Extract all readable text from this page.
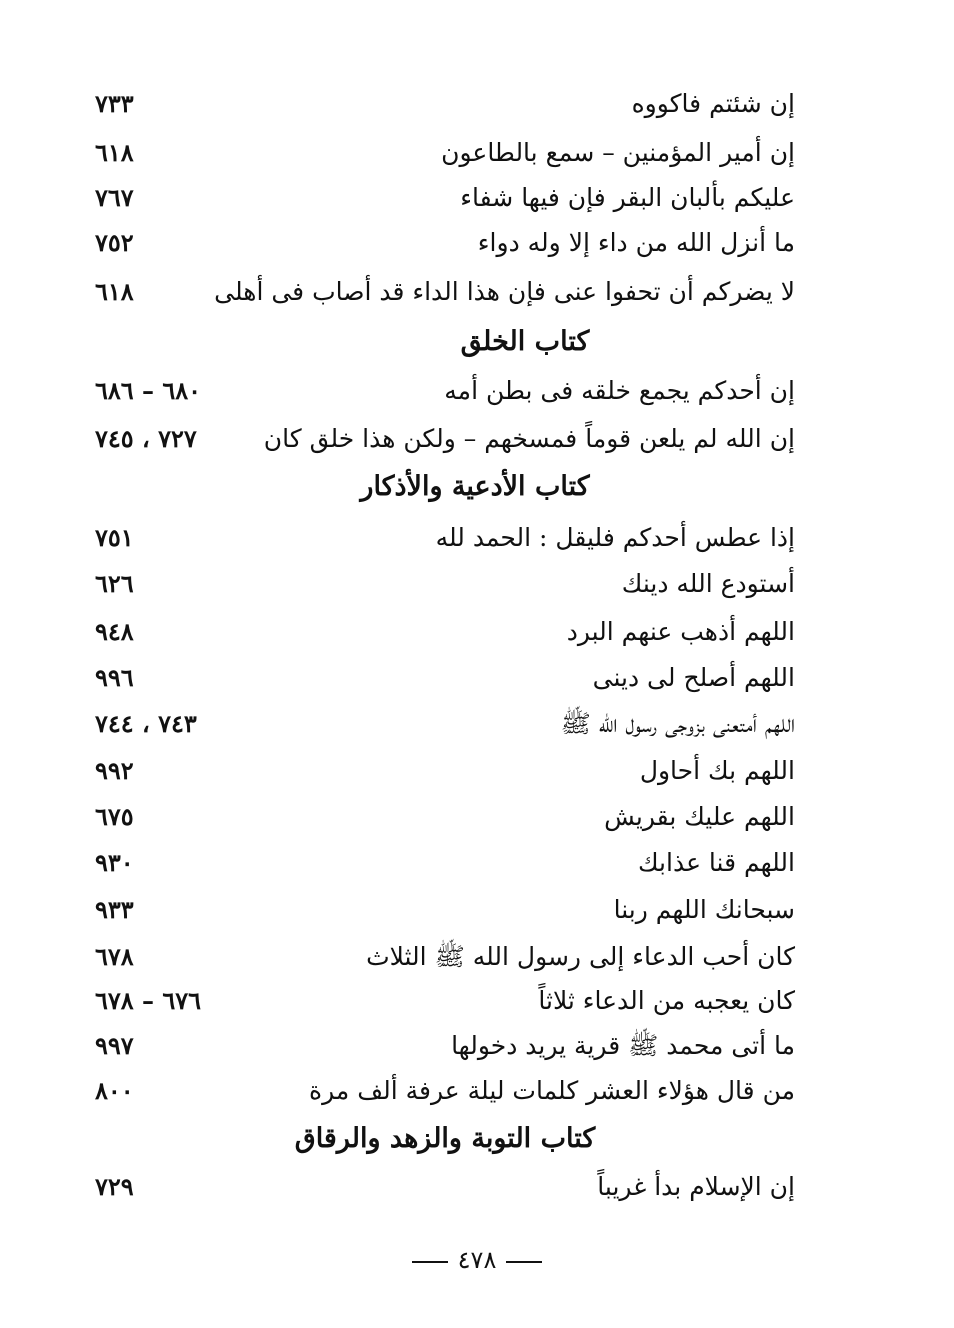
إن شئتم فاكووه
٧٣٣
إن أمير المؤمنين – سمع بالطاعون
٦١٨
عليكم بألبان البقر فإن فيها شفاء
٧٦٧
ما أنزل الله من داء إلا وله دواء
٧٥٢
لا يضركم أن تحفوا عنى فإن هذا الداء قد أصاب فى أهلى
٦١٨
كتاب الخلق
إن أحدكم يجمع خلقه فى بطن أمه
٦٨٠ – ٦٨٦
إن الله لم يلعن قوماً فمسخهم – ولكن هذا خلق كان
٧٢٧ ، ٧٤٥
كتاب الأدعية والأذكار
إذا عطس أحدكم فليقل : الحمد لله
٧٥١
أستودع الله دينك
٦٢٦
اللهم أذهب عنهم البرد
٩٤٨
اللهم أصلح لى دينى
٩٩٦
اللهم أمتعنى بزوجى رسول الله ﷺ
٧٤٣ ، ٧٤٤
اللهم بك أحاول
٩٩٢
اللهم عليك بقريش
٦٧٥
اللهم قنا عذابك
٩٣٠
سبحانك اللهم ربنا
٩٣٣
كان أحب الدعاء إلى رسول الله ﷺ الثلاث
٦٧٨
كان يعجبه من الدعاء ثلاثاً
٦٧٦ – ٦٧٨
ما أتى محمد ﷺ قرية يريد دخولها
٩٩٧
من قال هؤلاء العشر كلمات ليلة عرفة ألف مرة
٨٠٠
كتاب التوبة والزهد والرقاق
إن الإسلام بدأ غريباً
٧٢٩
٤٧٨
